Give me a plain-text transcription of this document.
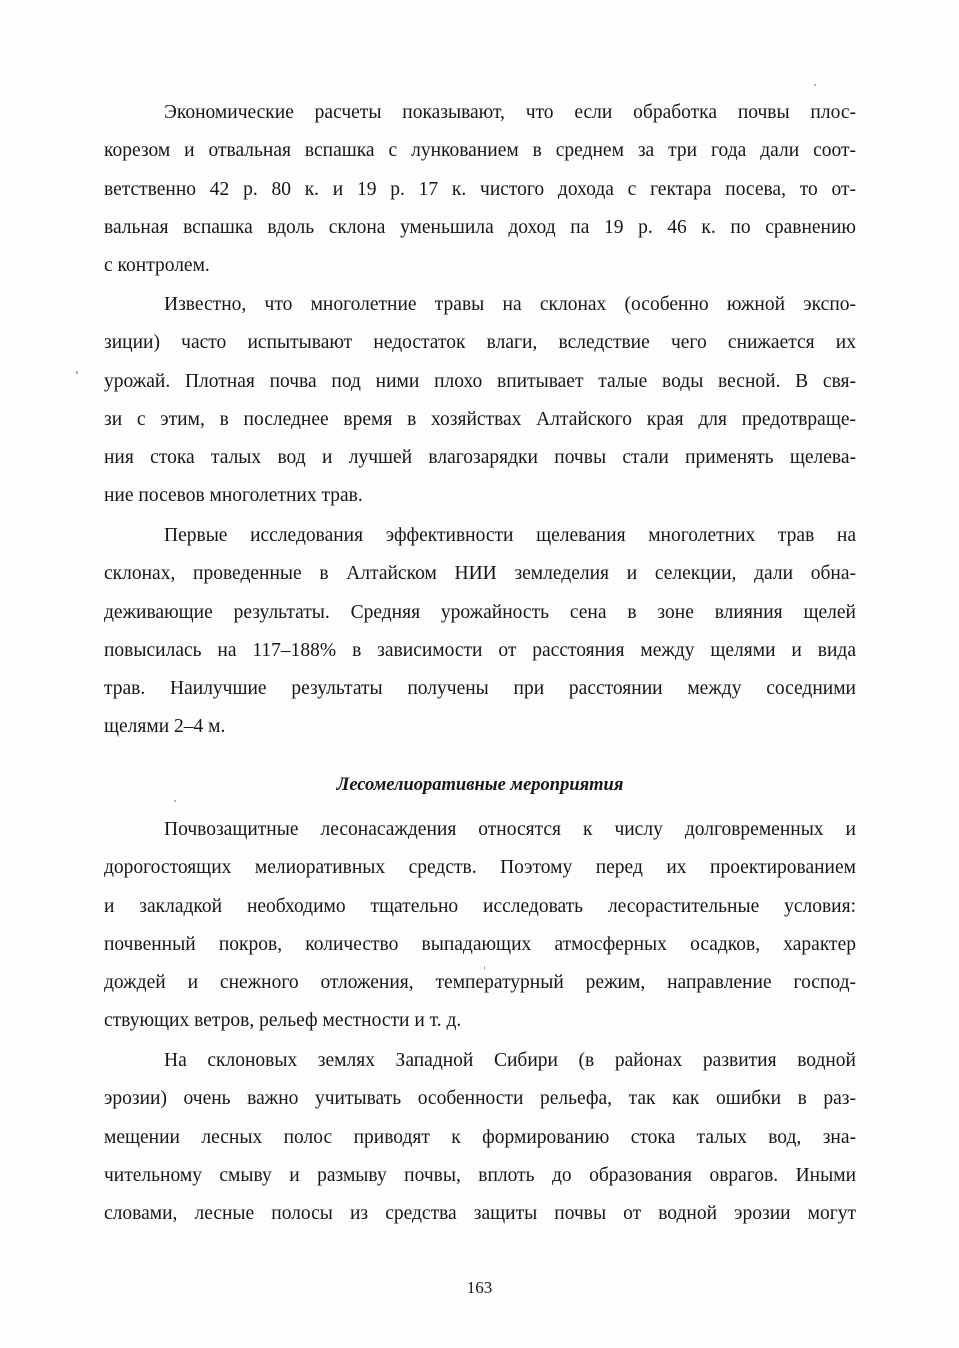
Экономические расчеты показывают, что если обработка почвы плос-
корезом и отвальная вспашка с лункованием в среднем за три года дали соот-
ветственно 42 р. 80 к. и 19 р. 17 к. чистого дохода с гектара посева, то от-
вальная вспашка вдоль склона уменьшила доход па 19 р. 46 к. по сравнению
с контролем.
Известно, что многолетние травы на склонах (особенно южной экспо-
зиции) часто испытывают недостаток влаги, вследствие чего снижается их
урожай. Плотная почва под ними плохо впитывает талые воды весной. В свя-
зи с этим, в последнее время в хозяйствах Алтайского края для предотвраще-
ния стока талых вод и лучшей влагозарядки почвы стали применять щелева-
ние посевов многолетних трав.
Первые исследования эффективности щелевания многолетних трав на
склонах, проведенные в Алтайском НИИ земледелия и селекции, дали обна-
деживающие результаты. Средняя урожайность сена в зоне влияния щелей
повысилась на 117–188% в зависимости от расстояния между щелями и вида
трав. Наилучшие результаты получены при расстоянии между соседними
щелями 2–4 м.
Лесомелиоративные мероприятия
Почвозащитные лесонасаждения относятся к числу долговременных и
дорогостоящих мелиоративных средств. Поэтому перед их проектированием
и закладкой необходимо тщательно исследовать лесорастительные условия:
почвенный покров, количество выпадающих атмосферных осадков, характер
дождей и снежного отложения, температурный режим, направление господ-
ствующих ветров, рельеф местности и т. д.
На склоновых землях Западной Сибири (в районах развития водной
эрозии) очень важно учитывать особенности рельефа, так как ошибки в раз-
мещении лесных полос приводят к формированию стока талых вод, зна-
чительному смыву и размыву почвы, вплоть до образования оврагов. Иными
словами, лесные полосы из средства защиты почвы от водной эрозии могут
163
